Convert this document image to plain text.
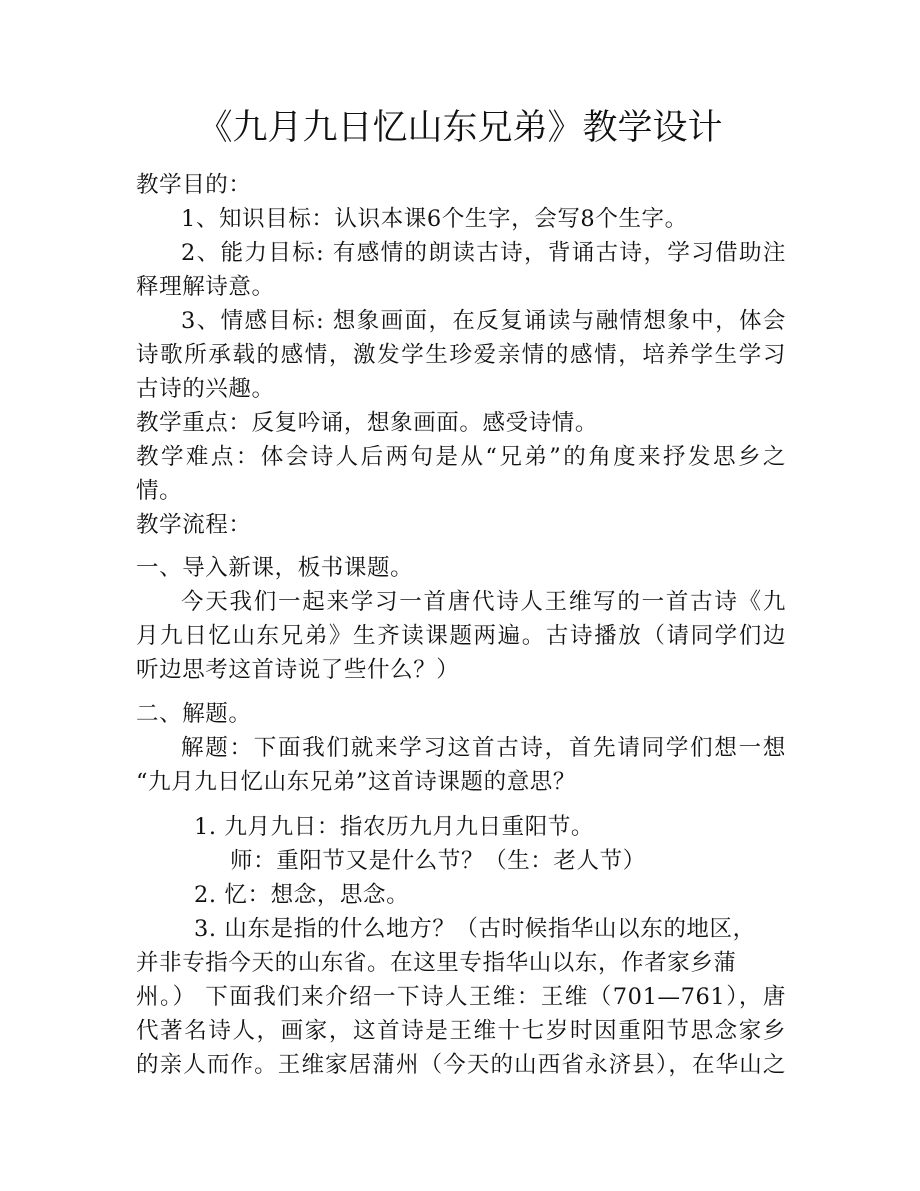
《九月九日忆山东兄弟》教学设计

教学目的：

1、知识目标：认识本课6个生字，会写8个生字。

2、能力目标: 有感情的朗读古诗，背诵古诗，学习借助注

释理解诗意。

3、情感目标: 想象画面，在反复诵读与融情想象中，体会

诗歌所承载的感情，激发学生珍爱亲情的感情，培养学生学习

古诗的兴趣。

教学重点：反复吟诵，想象画面。感受诗情。

教学难点：体会诗人后两句是从“兄弟”的角度来抒发思乡之

情。

教学流程：

一、导入新课，板书课题。

今天我们一起来学习一首唐代诗人王维写的一首古诗《九

月九日忆山东兄弟》生齐读课题两遍。古诗播放（请同学们边

听边思考这首诗说了些什么？）

二、解题。

解题：下面我们就来学习这首古诗，首先请同学们想一想

“九月九日忆山东兄弟”这首诗课题的意思？

1. 九月九日：指农历九月九日重阳节。

师：重阳节又是什么节？（生：老人节）

2. 忆：想念，思念。

3. 山东是指的什么地方？（古时候指华山以东的地区，

并非专指今天的山东省。在这里专指华山以东，作者家乡蒲

州。） 下面我们来介绍一下诗人王维：王维（701—761），唐

代著名诗人，画家，这首诗是王维十七岁时因重阳节思念家乡

的亲人而作。王维家居蒲州（今天的山西省永济县），在华山之
